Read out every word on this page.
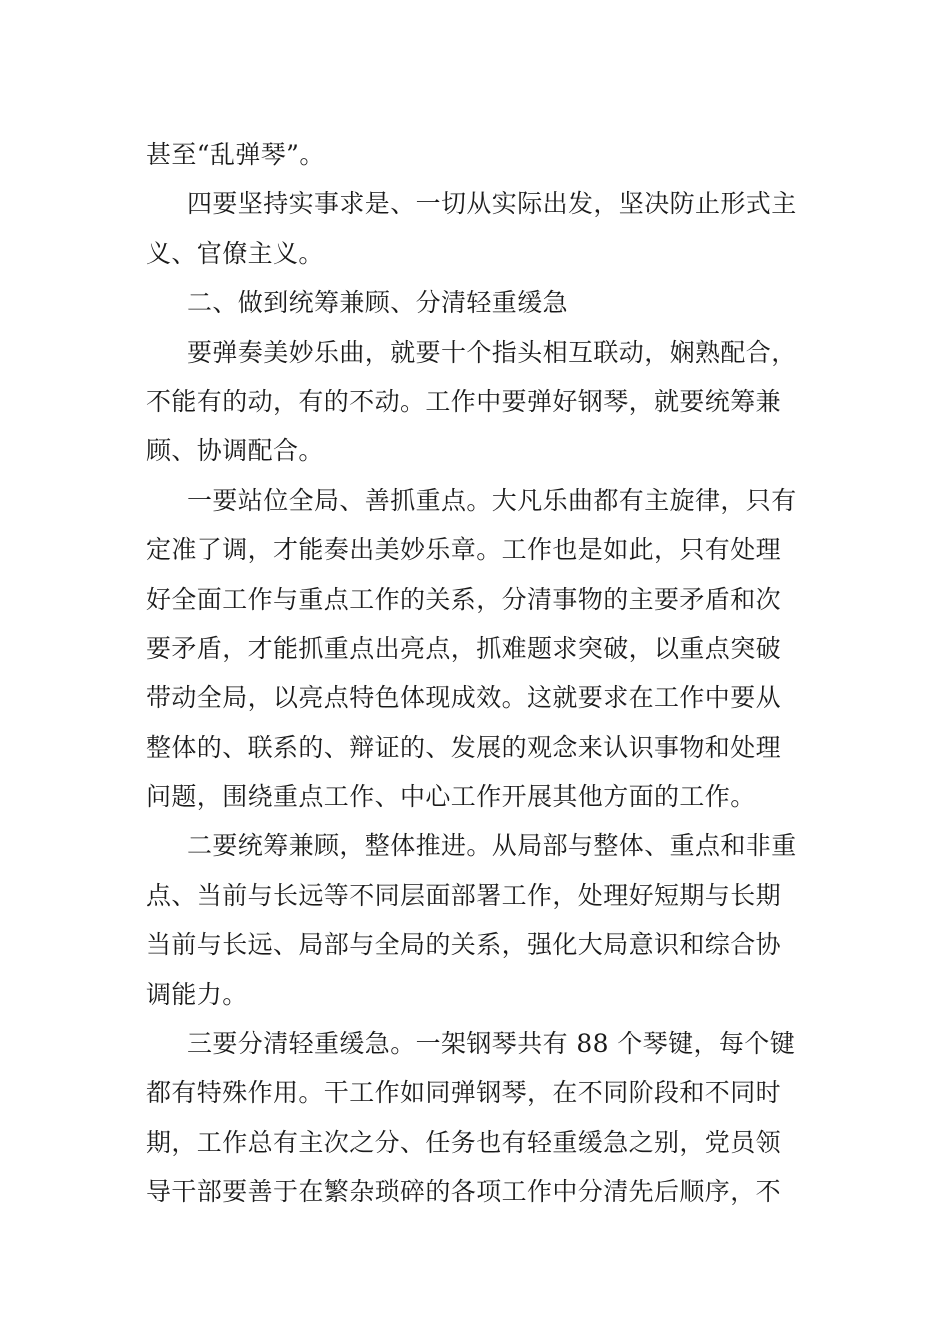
甚至“乱弹琴”。
四要坚持实事求是、一切从实际出发，坚决防止形式主
义、官僚主义。
二、做到统筹兼顾、分清轻重缓急
要弹奏美妙乐曲，就要十个指头相互联动，娴熟配合，
不能有的动，有的不动。工作中要弹好钢琴，就要统筹兼
顾、协调配合。
一要站位全局、善抓重点。大凡乐曲都有主旋律，只有
定准了调，才能奏出美妙乐章。工作也是如此，只有处理
好全面工作与重点工作的关系，分清事物的主要矛盾和次
要矛盾，才能抓重点出亮点，抓难题求突破，以重点突破
带动全局，以亮点特色体现成效。这就要求在工作中要从
整体的、联系的、辩证的、发展的观念来认识事物和处理
问题，围绕重点工作、中心工作开展其他方面的工作。
二要统筹兼顾，整体推进。从局部与整体、重点和非重
点、当前与长远等不同层面部署工作，处理好短期与长期
当前与长远、局部与全局的关系，强化大局意识和综合协
调能力。
三要分清轻重缓急。一架钢琴共有 88 个琴键，每个键
都有特殊作用。干工作如同弹钢琴，在不同阶段和不同时
期，工作总有主次之分、任务也有轻重缓急之别，党员领
导干部要善于在繁杂琐碎的各项工作中分清先后顺序，不
